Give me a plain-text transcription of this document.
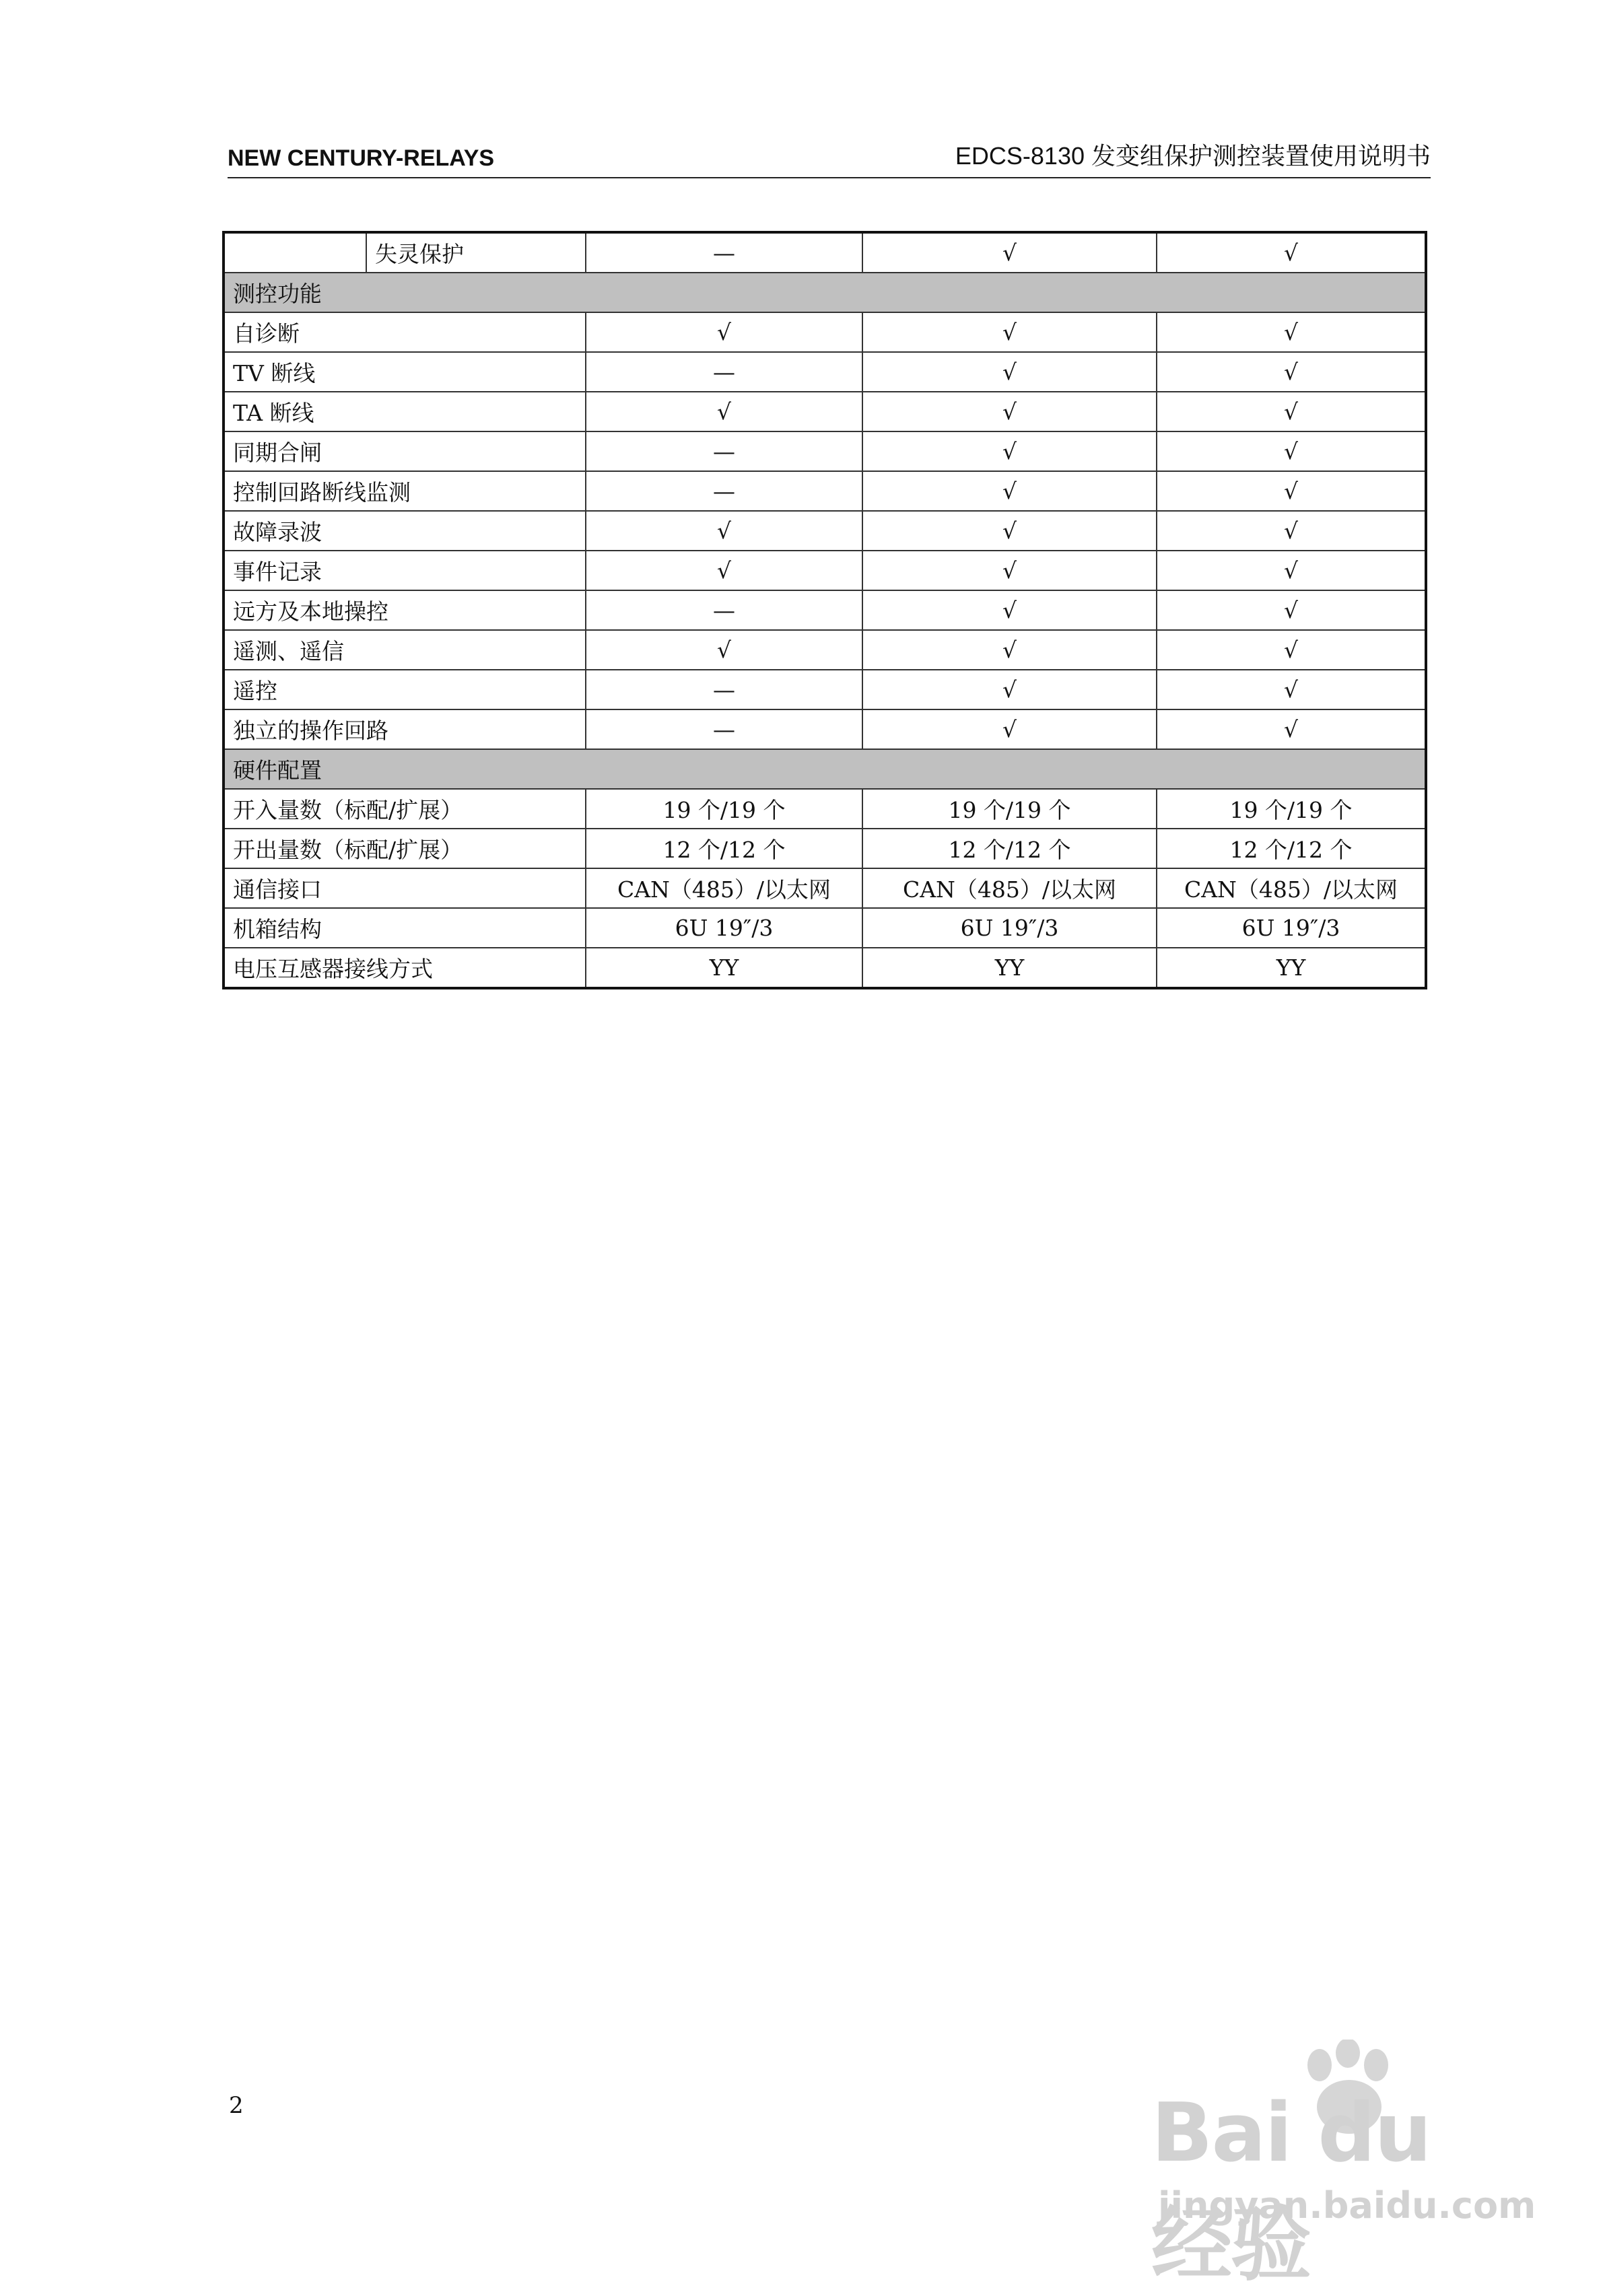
NEW CENTURY-RELAYS	EDCS-8130 发变组保护测控装置使用说明书
	失灵保护	—	√	√
测控功能				
自诊断		√	√	√
TV 断线		—	√	√
TA 断线		√	√	√
同期合闸		—	√	√
控制回路断线监测		—	√	√
故障录波		√	√	√
事件记录		√	√	√
远方及本地操控		—	√	√
遥测、遥信		√	√	√
遥控		—	√	√
独立的操作回路		—	√	√
硬件配置				
开入量数（标配/扩展）		19 个/19 个	19 个/19 个	19 个/19 个
开出量数（标配/扩展）		12 个/12 个	12 个/12 个	12 个/12 个
通信接口		CAN（485）/以太网	CAN（485）/以太网	CAN（485）/以太网
机箱结构		6U 19″/3	6U 19″/3	6U 19″/3
电压互感器接线方式		YY	YY	YY
2	Bai du 经验
jingyan.baidu.com
